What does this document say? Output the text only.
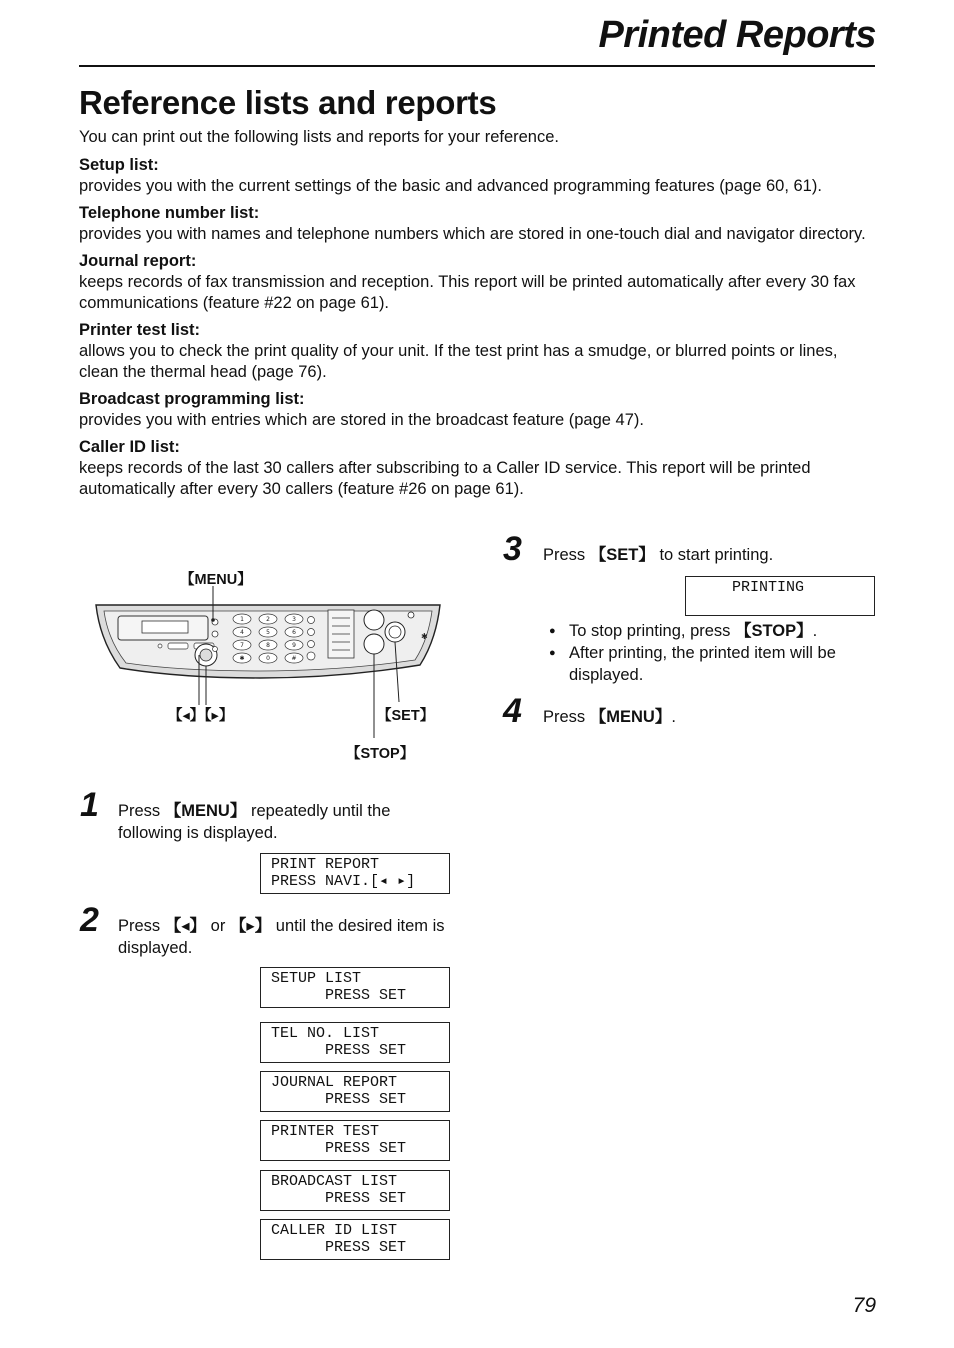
Printed Reports
Reference lists and reports
You can print out the following lists and reports for your reference.
Setup list:
provides you with the current settings of the basic and advanced programming features (page 60, 61).
Telephone number list:
provides you with names and telephone numbers which are stored in one-touch dial and navigator directory.
Journal report:
keeps records of fax transmission and reception. This report will be printed automatically after every 30 fax communications (feature #22 on page 61).
Printer test list:
allows you to check the print quality of your unit. If the test print has a smudge, or blurred points or lines, clean the thermal head (page 76).
Broadcast programming list:
provides you with entries which are stored in the broadcast feature (page 47).
Caller ID list:
keeps records of the last 30 callers after subscribing to a Caller ID service. This report will be printed automatically after every 30 callers (feature #26 on page 61).
【MENU】
【◂】【▸】	【SET】
【STOP】
1	2	3
4	5	6
7	8	9
✱	0	#
✱
1 Press 【MENU】 repeatedly until the following is displayed.
PRINT REPORT
PRESS NAVI.[◂ ▸]
2 Press 【◂】 or 【▸】 until the desired item is displayed.
SETUP LIST
PRESS SET
TEL NO. LIST
PRESS SET
JOURNAL REPORT
PRESS SET
PRINTER TEST
PRESS SET
BROADCAST LIST
PRESS SET
CALLER ID LIST
PRESS SET
3 Press 【SET】 to start printing.
PRINTING
● To stop printing, press 【STOP】.
● After printing, the printed item will be displayed.
4 Press 【MENU】.
79
